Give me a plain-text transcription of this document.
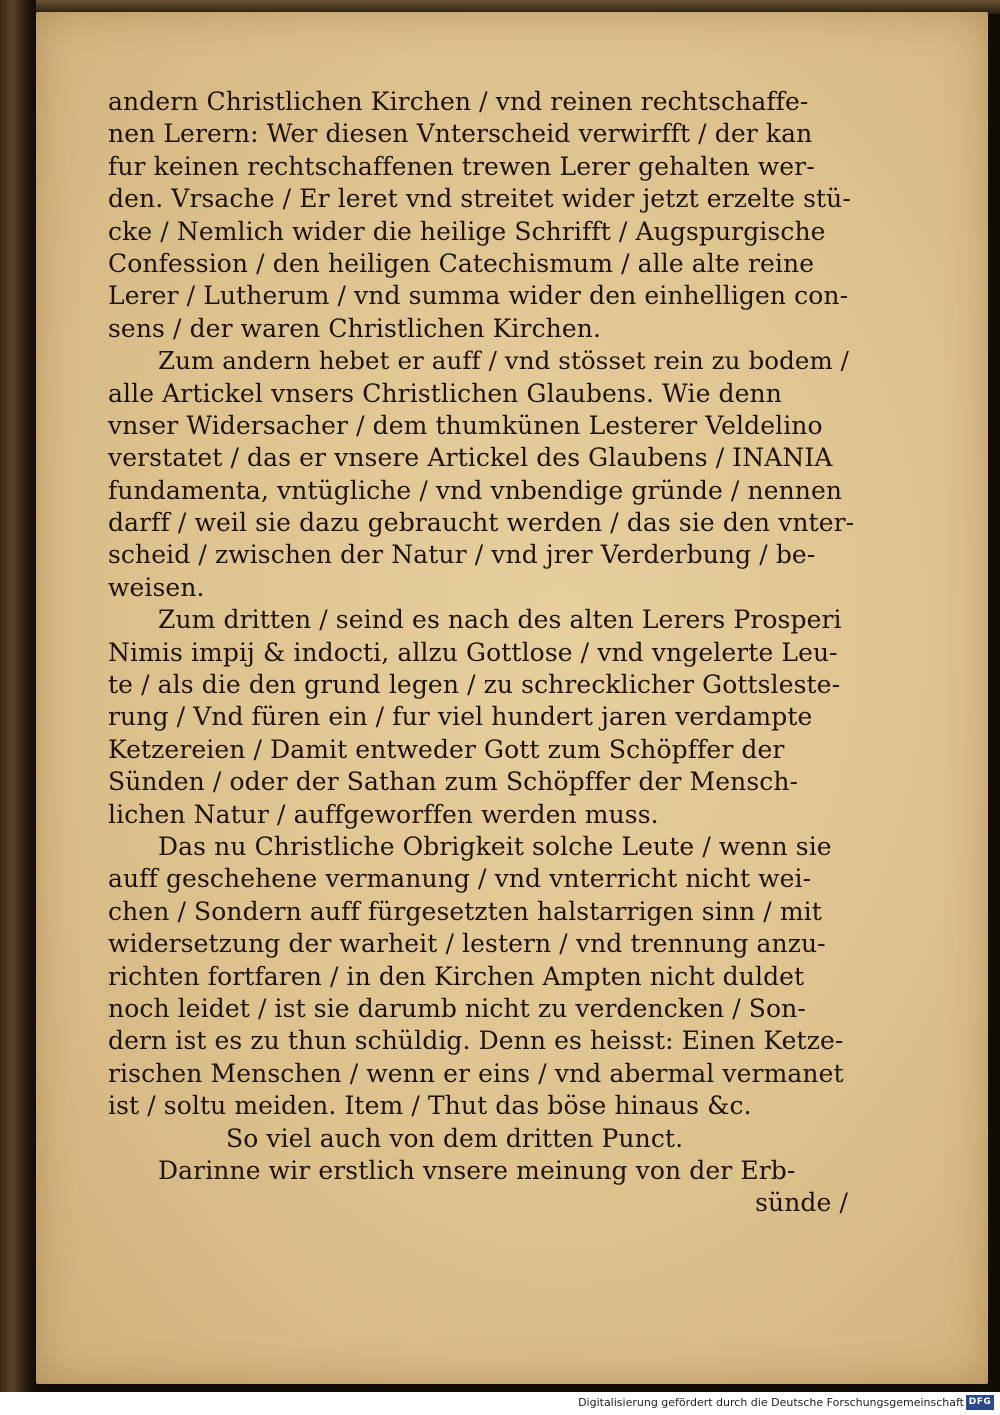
andern Christlichen Kirchen / vnd reinen rechtschaffe-
nen Lerern: Wer diesen Vnterscheid verwirfft / der kan
fur keinen rechtschaffenen trewen Lerer gehalten wer-
den. Vrsache / Er leret vnd streitet wider jetzt erzelte stü-
cke / Nemlich wider die heilige Schrifft / Augspurgische
Confession / den heiligen Catechismum / alle alte reine
Lerer / Lutherum / vnd summa wider den einhelligen con-
sens / der waren Christlichen Kirchen.
Zum andern hebet er auff / vnd stösset rein zu bodem /
alle Artickel vnsers Christlichen Glaubens. Wie denn
vnser Widersacher / dem thumkünen Lesterer Veldelino
verstatet / das er vnsere Artickel des Glaubens / INANIA
fundamenta, vntügliche / vnd vnbendige gründe / nennen
darff / weil sie dazu gebraucht werden / das sie den vnter-
scheid / zwischen der Natur / vnd jrer Verderbung / be-
weisen.
Zum dritten / seind es nach des alten Lerers Prosperi
Nimis impij & indocti, allzu Gottlose / vnd vngelerte Leu-
te / als die den grund legen / zu schrecklicher Gottsleste-
rung / Vnd füren ein / fur viel hundert jaren verdampte
Ketzereien / Damit entweder Gott zum Schöpffer der
Sünden / oder der Sathan zum Schöpffer der Mensch-
lichen Natur / auffgeworffen werden muss.
Das nu Christliche Obrigkeit solche Leute / wenn sie
auff geschehene vermanung / vnd vnterricht nicht wei-
chen / Sondern auff fürgesetzten halstarrigen sinn / mit
widersetzung der warheit / lestern / vnd trennung anzu-
richten fortfaren / in den Kirchen Ampten nicht duldet
noch leidet / ist sie darumb nicht zu verdencken / Son-
dern ist es zu thun schüldig. Denn es heisst: Einen Ketze-
rischen Menschen / wenn er eins / vnd abermal vermanet
ist / soltu meiden. Item / Thut das böse hinaus &c.
So viel auch von dem dritten Punct.
Darinne wir erstlich vnsere meinung von der Erb-
sünde /
Digitalisierung gefördert durch die Deutsche Forschungsgemeinschaft DFG
